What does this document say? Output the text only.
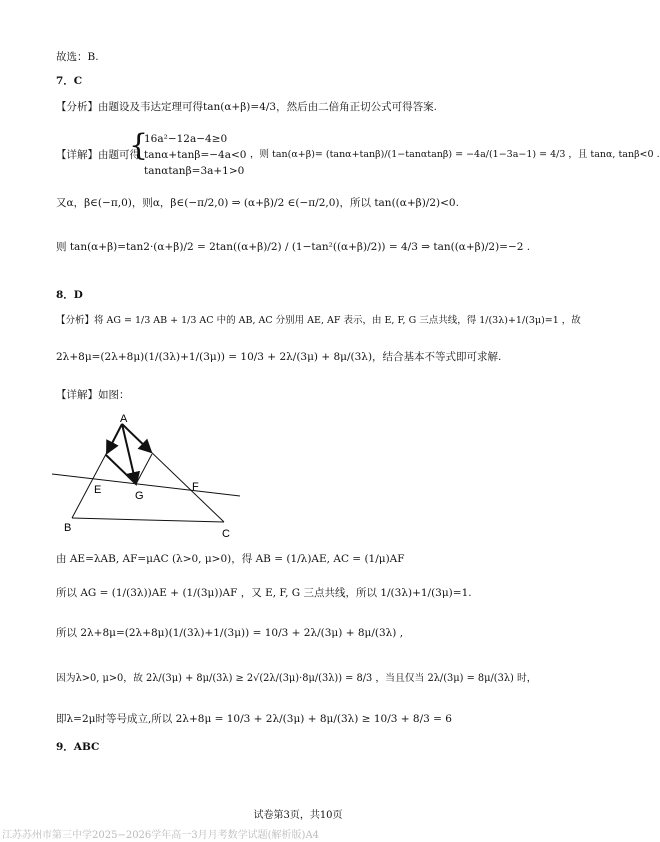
故选：B.
7．C
【分析】由题设及韦达定理可得tan(α+β)=4/3，然后由二倍角正切公式可得答案.
【详解】由题可得
{
16a²−12a−4≥0
tanα+tanβ=−4a<0
tanαtanβ=3a+1>0
，则 tan(α+β)= (tanα+tanβ)/(1−tanαtanβ) = −4a/(1−3a−1) = 4/3 ，且 tanα, tanβ<0 .
又α，β∈(−π,0)，则α，β∈(−π/2,0) ⇒ (α+β)/2 ∈(−π/2,0)，所以 tan((α+β)/2)<0.
则 tan(α+β)=tan2·(α+β)/2 = 2tan((α+β)/2) / (1−tan²((α+β)/2)) = 4/3 ⇒ tan((α+β)/2)=−2 .
8．D
【分析】将 AG = 1/3 AB + 1/3 AC 中的 AB, AC 分别用 AE, AF 表示，由 E, F, G 三点共线，得 1/(3λ)+1/(3μ)=1 ，故
2λ+8μ=(2λ+8μ)(1/(3λ)+1/(3μ)) = 10/3 + 2λ/(3μ) + 8μ/(3λ)，结合基本不等式即可求解.
【详解】如图：
A
B	C
E	F
G
由 AE=λAB, AF=μAC (λ>0, μ>0)，得 AB = (1/λ)AE, AC = (1/μ)AF
所以 AG = (1/(3λ))AE + (1/(3μ))AF ，又 E, F, G 三点共线，所以 1/(3λ)+1/(3μ)=1.
所以 2λ+8μ=(2λ+8μ)(1/(3λ)+1/(3μ)) = 10/3 + 2λ/(3μ) + 8μ/(3λ) ,
因为λ>0, μ>0，故 2λ/(3μ) + 8μ/(3λ) ≥ 2√(2λ/(3μ)·8μ/(3λ)) = 8/3 ，当且仅当 2λ/(3μ) = 8μ/(3λ) 时，
即λ=2μ时等号成立,所以 2λ+8μ = 10/3 + 2λ/(3μ) + 8μ/(3λ) ≥ 10/3 + 8/3 = 6
9．ABC
试卷第3页，共10页
江苏苏州市第三中学2025−2026学年高一3月月考数学试题(解析版)A4
